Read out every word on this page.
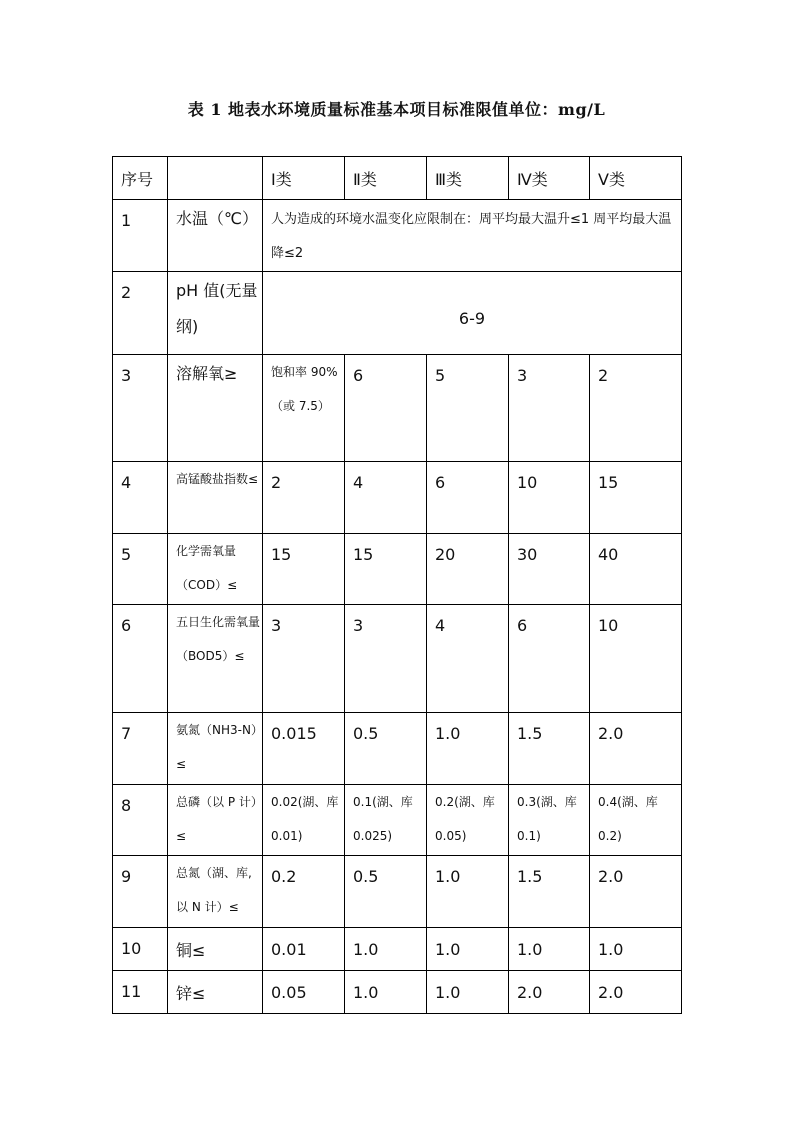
表 1 地表水环境质量标准基本项目标准限值单位：mg/L
序号		Ⅰ类	Ⅱ类	Ⅲ类	Ⅳ类	Ⅴ类
1	水温（℃）	人为造成的环境水温变化应限制在：周平均最大温升≤1 周平均最大温降≤2				
2	pH 值(无量纲)	6-9				
3	溶解氧≥	饱和率 90%（或 7.5）	6	5	3	2
4	高锰酸盐指数≤	2	4	6	10	15
5	化学需氧量（COD）≤	15	15	20	30	40
6	五日生化需氧量（BOD5）≤	3	3	4	6	10
7	氨氮（NH3-N）≤	0.015	0.5	1.0	1.5	2.0
8	总磷（以 P 计）≤	0.02(湖、库 0.01)	0.1(湖、库 0.025)	0.2(湖、库 0.05)	0.3(湖、库 0.1)	0.4(湖、库 0.2)
9	总氮（湖、库,以 N 计）≤	0.2	0.5	1.0	1.5	2.0
10	铜≤	0.01	1.0	1.0	1.0	1.0
11	锌≤	0.05	1.0	1.0	2.0	2.0
